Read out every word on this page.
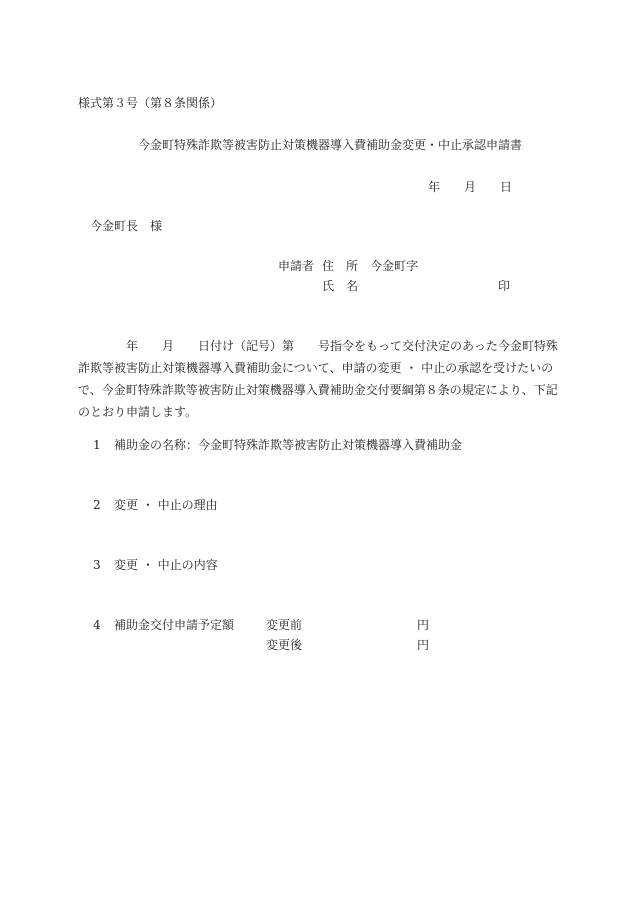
様式第３号（第８条関係）
今金町特殊詐欺等被害防止対策機器導入費補助金変更・中止承認申請書
年 月 日
今金町長　様
申請者 住　所 今金町字
氏　名	印
　　　　年　　月　　日付け（記号）第　　号指令をもって交付決定のあった今金町特殊
詐欺等被害防止対策機器導入費補助金について、申請の変更 ・ 中止の承認を受けたいの
で、今金町特殊詐欺等被害防止対策機器導入費補助金交付要綱第８条の規定により、下記
のとおり申請します。
1 補助金の名称：今金町特殊詐欺等被害防止対策機器導入費補助金
2 変更 ・ 中止の理由
3 変更 ・ 中止の内容
4 補助金交付申請予定額	変更前	円
変更後	円
